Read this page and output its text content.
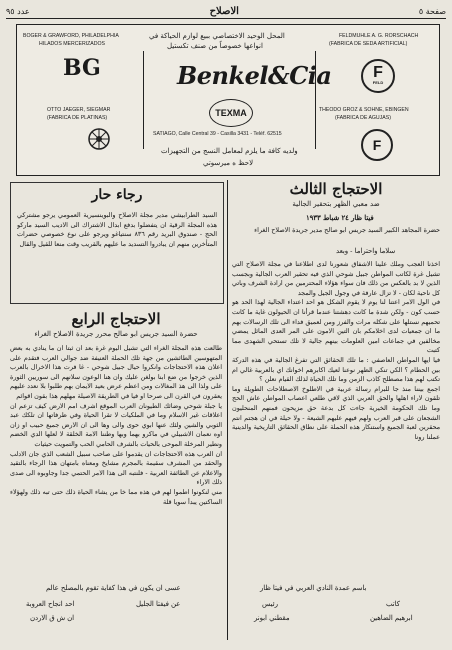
عدد ٩٥	الاصلاح	صفحة ٥
BOGER & GRAWFORD, PHILADELPHIA
HILADOS MERCERIZADOS
المحل الوحيد الاختصاصي ببيع لوازم الحياكة في
انواعها خصوصاً من صنف تكستيل
FELDMUHLE A. G. RORSCHACH
(FABRICA DE SEDA ARTIFICIAL)
BG	Benkel&Cia	F
FELD
OTTO JAEGER, SIEGMAR
(FABRICA DE PLATINAS)
THEODO GROZ & SOHNE, EBINGEN
(FABRICA DE AGUJAS)
TEXMA
SATIAGO, Calle Central 39 - Casilla 3431 - Teléf. 62515
F
ولديه كافة ما يلزم لمعامل النسج من التجهيزات
لاحظ ه ميرسوتي
الاحتجاج الثالث
ضد معبي الظهر بتحقير الجالية
فيتا ظار ٢٤ شباط ١٩٣٣
حضرة المجاهد الكبير السيد جريس ابو صالح مدير جريدة الاصلاح الغراء
سلاما واحتراما - وبعد

اخذنا العجب وملك علينا الاشفاق شعورنا لدى اطلاعنا في مجلة الاصلاح التي تشيل غرة لكاتب المواطن جبيل شوحي الذي فيه تحقير العرب الجالية وبجسب الذين لا بد بالعكس من ذلك فان سواء هؤلاء المحترمين من ارادة الشرف وباتي كل ناحية لكان - لا تزال عارفة في وجول الجيل والمجد

في الول الامر اعتنا لنا يوم لا يقوم الشكل هو احد اعتداء الجالية لهذا الحد هو حسب كون - ولكن شدة ما كانت دهشتنا عندما قرأنا ان الحيولون غاية ما كانت تحميهم نستلها على شكله مرات والفرز ومن لعميق فداء الى تلك الرسالات بهم ما ان جمعيات لدى اخلامكم بان التين الامون على المر العدى المائل يمضي مخالفين في جماعات امين العلومات بينهم جالية لا تلك تستحي الشهدى مما كتبت

فيا ايها المواطن العاصفي : ما تلك الحقائق التي تفرغ الجالية في هذه الدركة بين الحطام ؟ الكي تنكي الظهر نوعنا لعيك اكابرهم اخوانك اي بالعربية غالي ام تكتب لهم هذا مصطلح كاذب الزمن وما تلك الحياة لذلك القيام نعلن ؟

اجمع بيننا منذ جا للبرام رسالة عربية في الاطلوخ الاصطلاحات الطويلة وما تلقون لاراء اهلها والحق العربي الذي لاقي طلعي اعصاب المواطن عاش الحج وما تلك الحكومة الخيرية جاءت كل بدعة حق مزيحون فمنهم المنحليون الشجعان على قبر العرب ولهم فيهم عليهم الشيعة - ولا حيلة في ان هجتم انتم محقرين لعبة الجميع واستنكار هذه الحملة على نطاق الحقائق التاريخية والدينية عملنا رونا

باسم عمدة النادي العربي في فيتا ظار
كاتب
ابرهيم الضاهين
رئيس
مقطني ابونر
رجاء حار
السيد الطرابيشي مدير مجلة الاصلاح والبوينسيرية العمومي يرجو مشتركي هذه المجلة الرقية ان يتفضلوا بدفع ابدال الاشتراك الى الاديب السيد ماركو الحج - صندوق البريد رقم ٨٣٦ سنتياغو ويرجو على نوع خصوصي حضرات المتأخرين منهم ان يبادروا التسديد ما عليهم بالقريب وقت منعا للقيل والقال
الاحتجاج الرابع
حضرة السيد جريس ابو صالح محرر جريدة الاصلاح الغراء

طالعت هذه المجلة الغراء التي تشيل اليوم غرة بعد ان ثبتا ان ما ينادي به بعض المتهوسين الطائشين من جهة تلك الحملة العنيفة ضد جوالي العرب فتقدم على اعلان هذه الاحتجاجات وانكروا حيال جبيل شوحي - غا فرت هذا الاخرال بالعرب الذين خرجوا من ضع ابنا بولغن عليك وان هنا الوعون سلانهم الى سوريين الثورة على ولذا الى هذ المغالات ومن اعظم عرض بعيد الايمان بهم طلبوا بلا نعدد عليهم يعقرون في القرن الى صرحا او فيا في الطريقة الاصيلة مهلهم هذا بقون اقوائم

يا جبلة شوحي وضائك الطيونان العرب الموقع اشرف امم الارض كيف تزعم ان اعلاقات غير الاسلام وما في الملكيات لا تقرا الحياة وفي ظرفاتها ان تلكك عبد الثوبي والشين ولئك عنها ابوي حوى والى وها الى ان الارض جميع حبيب او زان اوه نعمان الاشبيلي في ماكرو بهما وبها وطننا الامة الخلقة لا لعلها الدي الخضم ونطير المرخلة الموحى بالحيات بالشرف الحامي الحب والتمويت حيثيات

ان العرب هذه الاحتجاجات ان يقدموا على صاحب سبيل الشعب الذي جان الادلب والحقد من المشرف سقيمة بالمجرم مشايخ ومعناه بامتهان هذا الرجاء بالتقيد والاعلام عن الطائفة العربية - فلنتبه الى هذا الامر الحتمي جدا وجاوبوه الى صدى ذلك الاراء

مني لنكونوا اطموا لهم في هذه مما خا من يشاء الحياة ذلك حتى تبه ذلك ولهؤلاء الساكتين يبدأ سويا قلة

عسى ان يكون في هذا كفاية تقوم بالمصلح عالم
عن فيفتا الجليل
احد انجاح العروبة
ان ش ق الاردن
